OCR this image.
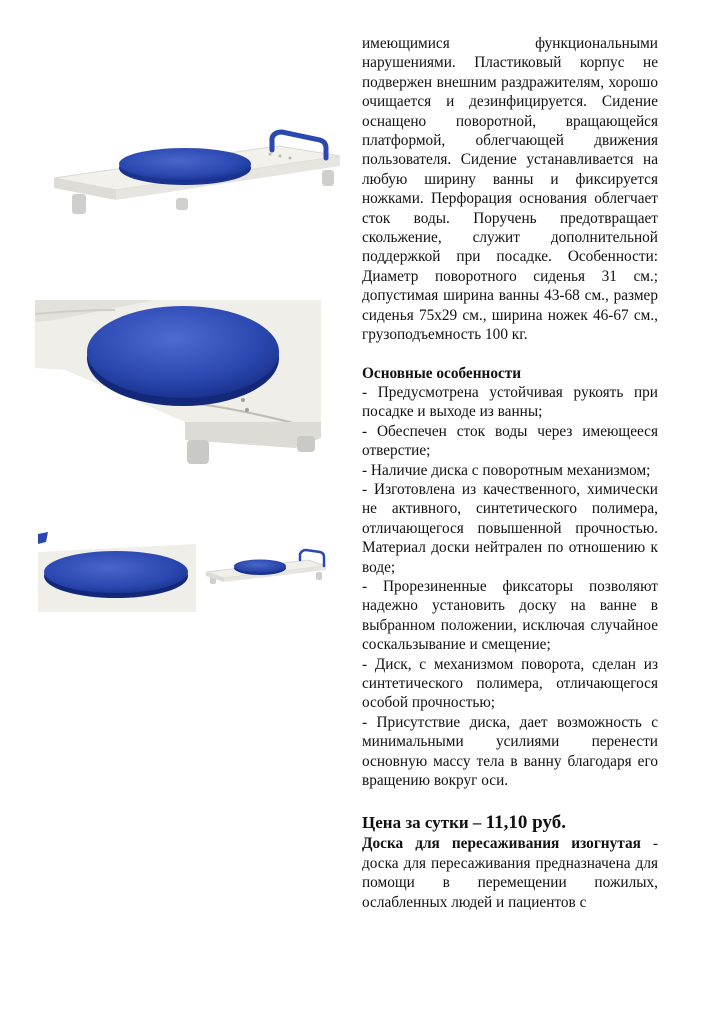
имеющимися функциональными нарушениями. Пластиковый корпус не подвержен внешним раздражителям, хорошо очищается и дезинфицируется. Сидение оснащено поворотной, вращающейся платформой, облегчающей движения пользователя. Сидение устанавливается на любую ширину ванны и фиксируется ножками. Перфорация основания облегчает сток воды. Поручень предотвращает скольжение, служит дополнительной поддержкой при посадке. Особенности: Диаметр поворотного сиденья 31 см.; допустимая ширина ванны 43-68 см., размер сиденья 75х29 см., ширина ножек 46-67 см., грузоподъемность 100 кг.

Основные особенности

- Предусмотрена устойчивая рукоять при посадке и выходе из ванны;

- Обеспечен сток воды через имеющееся отверстие;

- Наличие диска с поворотным механизмом;

- Изготовлена из качественного, химически не активного, синтетического полимера, отличающегося повышенной прочностью. Материал доски нейтрален по отношению к воде;

- Прорезиненные фиксаторы позволяют надежно установить доску на ванне в выбранном положении, исключая случайное соскальзывание и смещение;

- Диск, с механизмом поворота, сделан из синтетического полимера, отличающегося особой прочностью;

- Присутствие диска, дает возможность с минимальными усилиями перенести основную массу тела в ванну благодаря его вращению вокруг оси.

Цена за сутки – 11,10 руб.

Доска для пересаживания изогнутая - доска для пересаживания предназначена для помощи в перемещении пожилых, ослабленных людей и пациентов с
